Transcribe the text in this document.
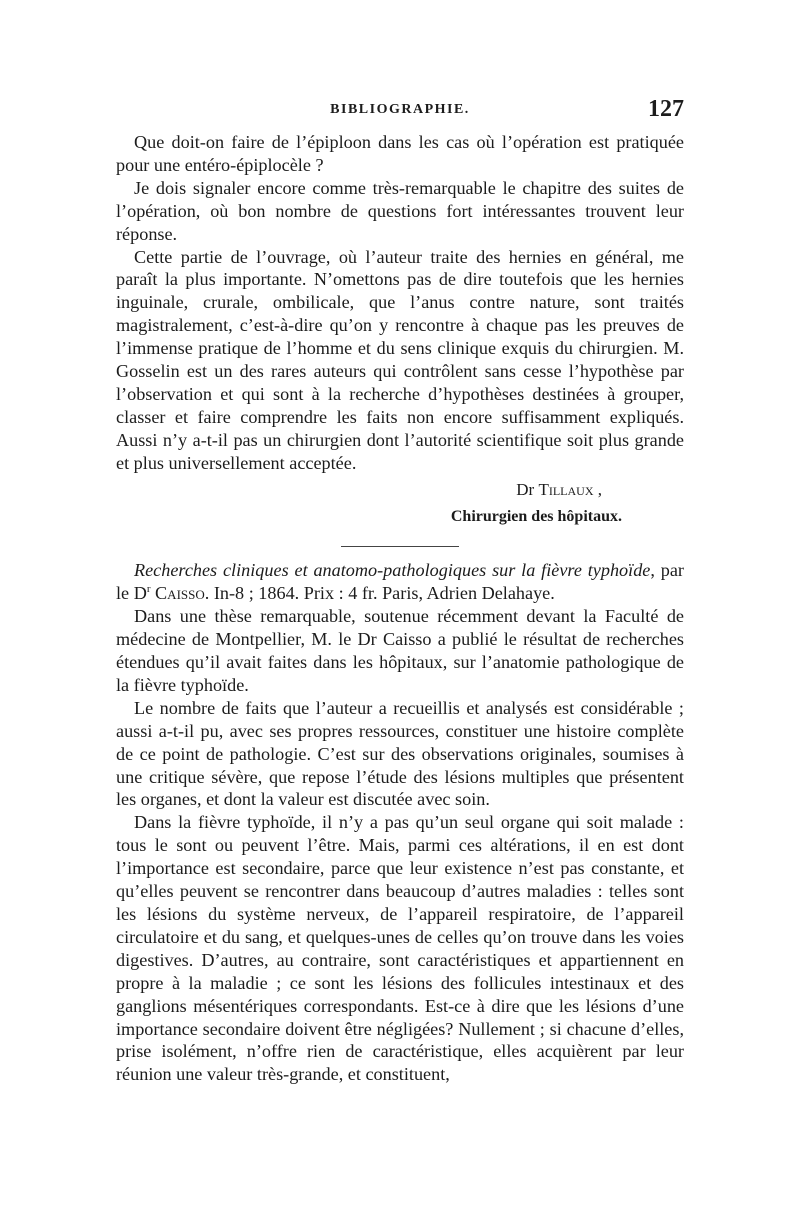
BIBLIOGRAPHIE.	127

Que doit-on faire de l’épiploon dans les cas où l’opération est pratiquée pour une entéro-épiplocèle ?

Je dois signaler encore comme très-remarquable le chapitre des suites de l’opération, où bon nombre de questions fort intéressantes trouvent leur réponse.

Cette partie de l’ouvrage, où l’auteur traite des hernies en général, me paraît la plus importante. N’omettons pas de dire toutefois que les hernies inguinale, crurale, ombilicale, que l’anus contre nature, sont traités magistralement, c’est-à-dire qu’on y rencontre à chaque pas les preuves de l’immense pratique de l’homme et du sens clinique exquis du chirurgien. M. Gosselin est un des rares auteurs qui contrôlent sans cesse l’hypothèse par l’observation et qui sont à la recherche d’hypothèses destinées à grouper, classer et faire comprendre les faits non encore suffisamment expliqués. Aussi n’y a-t-il pas un chirurgien dont l’autorité scientifique soit plus grande et plus universellement acceptée.

Dr Tillaux ,
Chirurgien des hôpitaux.

Recherches cliniques et anatomo-pathologiques sur la fièvre typhoïde, par le $D^r$ Caisso. In-8 ; 1864. Prix : 4 fr. Paris, Adrien Delahaye.

Dans une thèse remarquable, soutenue récemment devant la Faculté de médecine de Montpellier, M. le Dr Caisso a publié le résultat de recherches étendues qu’il avait faites dans les hôpitaux, sur l’anatomie pathologique de la fièvre typhoïde.

Le nombre de faits que l’auteur a recueillis et analysés est considérable ; aussi a-t-il pu, avec ses propres ressources, constituer une histoire complète de ce point de pathologie. C’est sur des observations originales, soumises à une critique sévère, que repose l’étude des lésions multiples que présentent les organes, et dont la valeur est discutée avec soin.

Dans la fièvre typhoïde, il n’y a pas qu’un seul organe qui soit malade : tous le sont ou peuvent l’être. Mais, parmi ces altérations, il en est dont l’importance est secondaire, parce que leur existence n’est pas constante, et qu’elles peuvent se rencontrer dans beaucoup d’autres maladies : telles sont les lésions du système nerveux, de l’appareil respiratoire, de l’appareil circulatoire et du sang, et quelques-unes de celles qu’on trouve dans les voies digestives. D’autres, au contraire, sont caractéristiques et appartiennent en propre à la maladie ; ce sont les lésions des follicules intestinaux et des ganglions mésentériques correspondants. Est-ce à dire que les lésions d’une importance secondaire doivent être négligées? Nullement ; si chacune d’elles, prise isolément, n’offre rien de caractéristique, elles acquièrent par leur réunion une valeur très-grande, et constituent,
